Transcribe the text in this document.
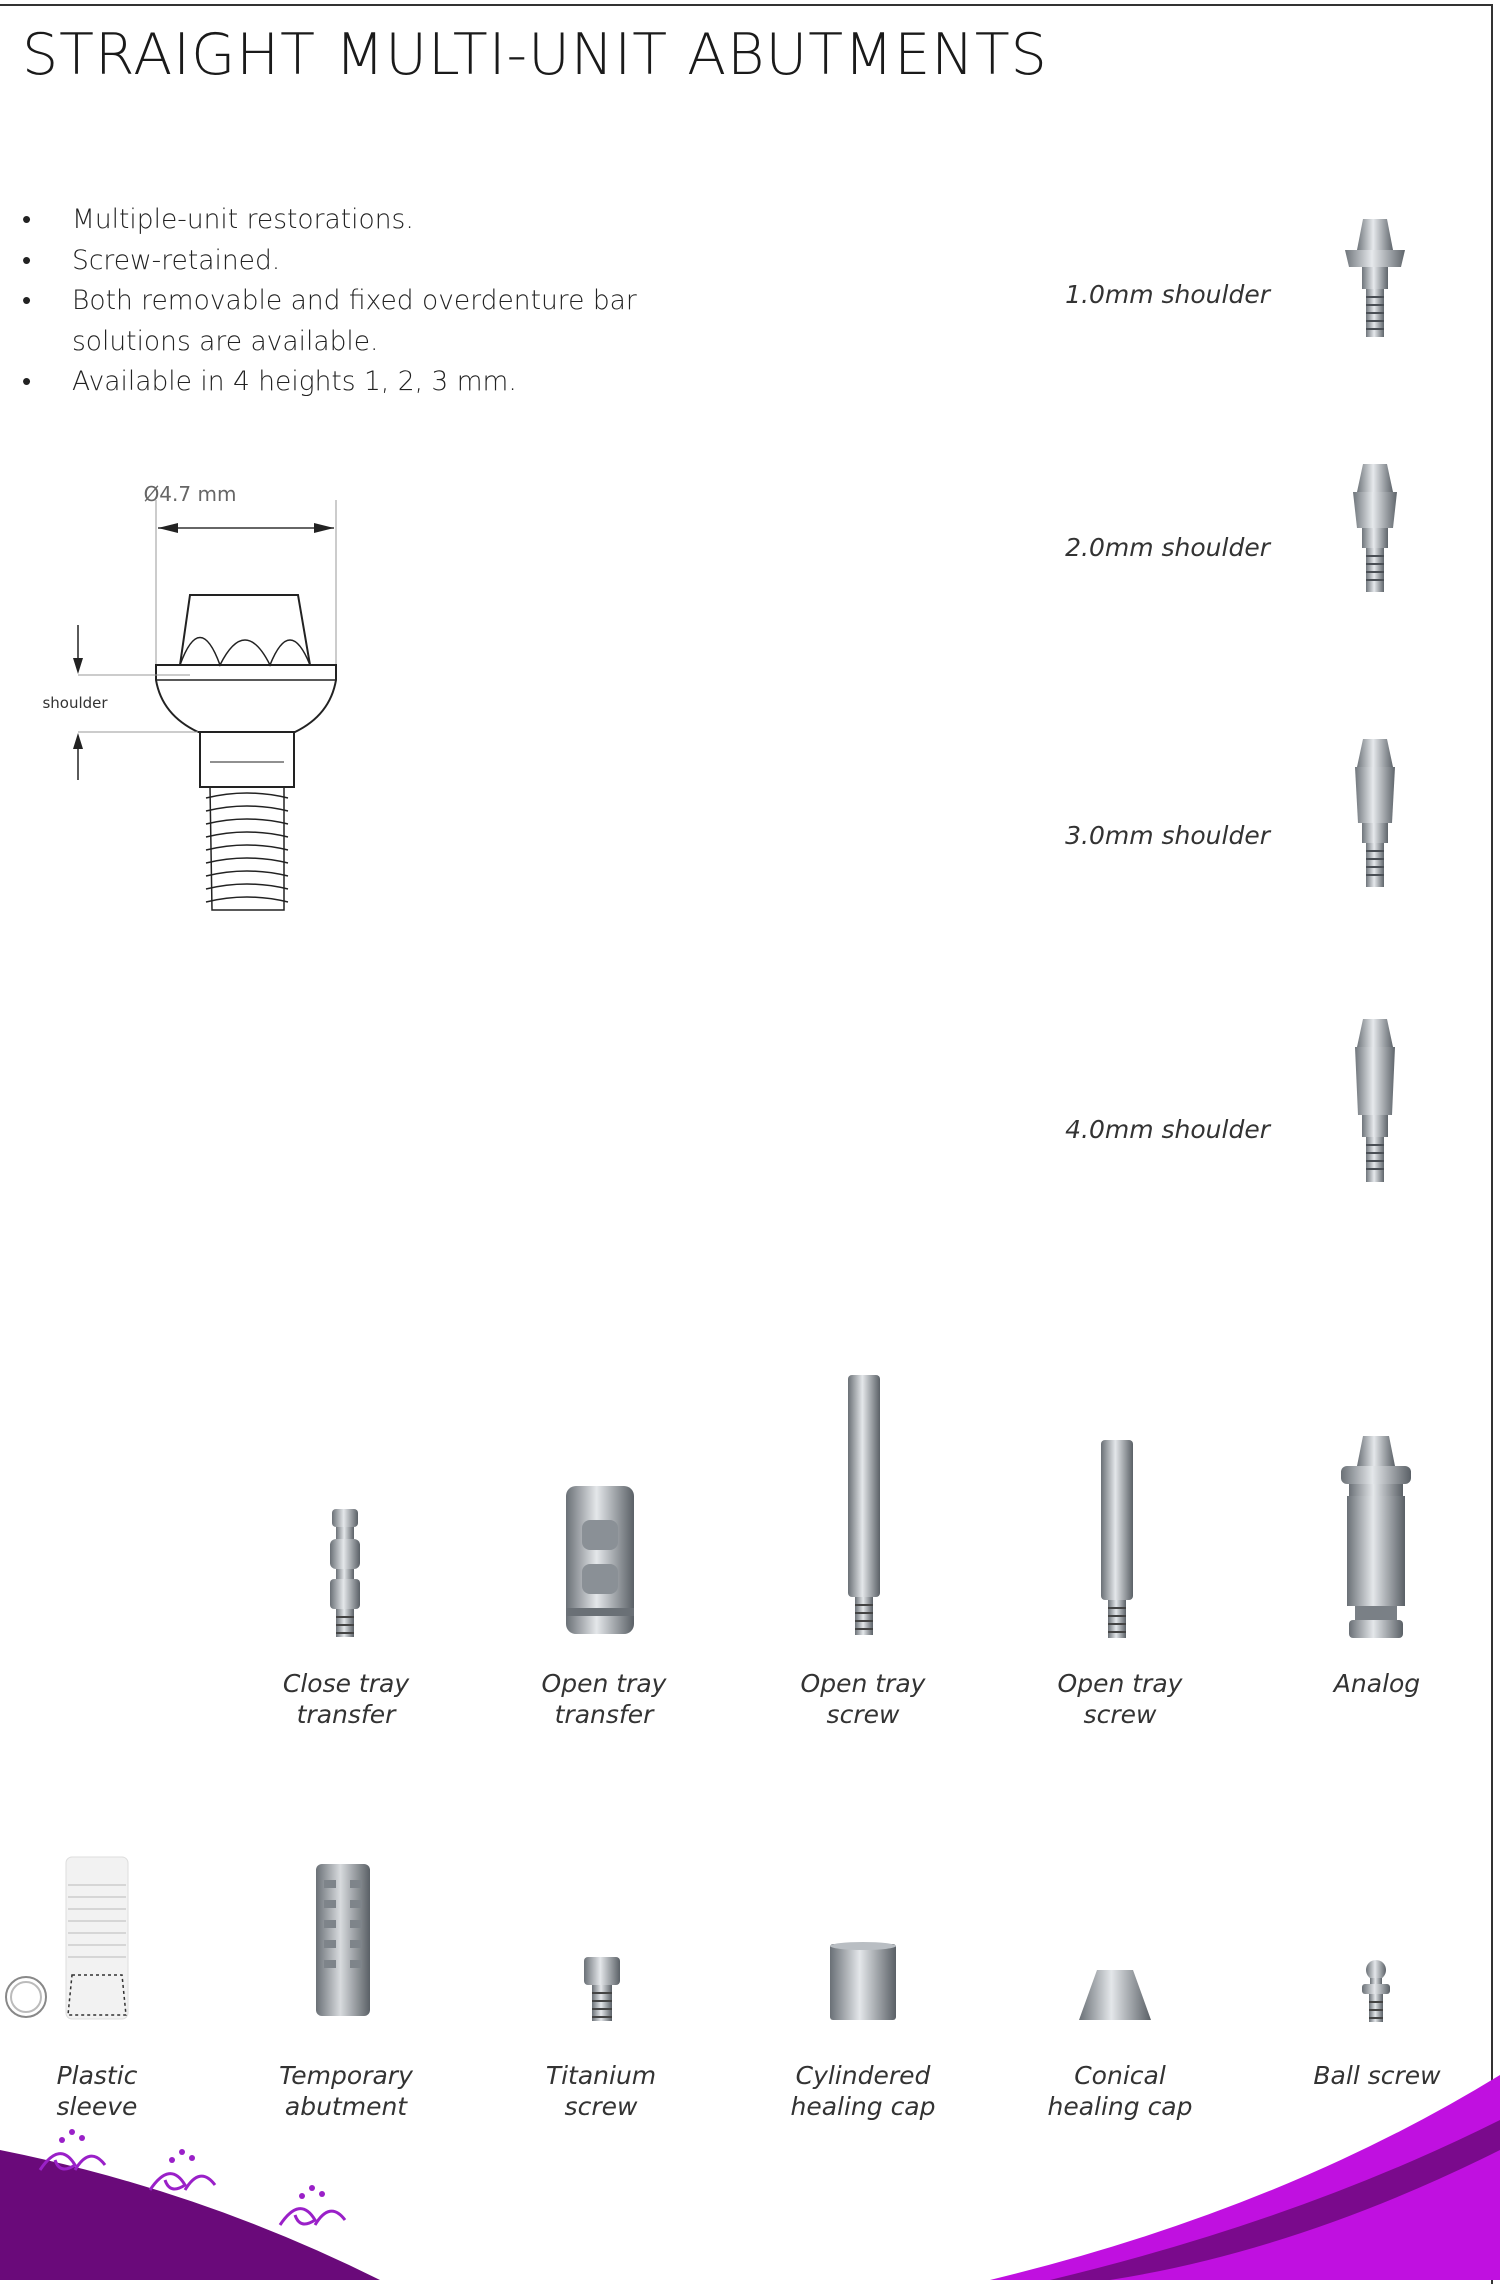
STRAIGHT MULTI-UNIT ABUTMENTS
• Multiple-unit restorations.
• Screw-retained.
• Both removable and fixed overdenture bar solutions are available.
• Available in 4 heights 1, 2, 3 mm.
Ø4.7 mm
shoulder
1.0mm shoulder
2.0mm shoulder
3.0mm shoulder
4.0mm shoulder
Close tray
transfer
Open tray
transfer
Open tray
screw
Open tray
screw
Analog
Plastic
sleeve
Temporary
abutment
Titanium
screw
Cylindered
healing cap
Conical
healing cap
Ball screw
